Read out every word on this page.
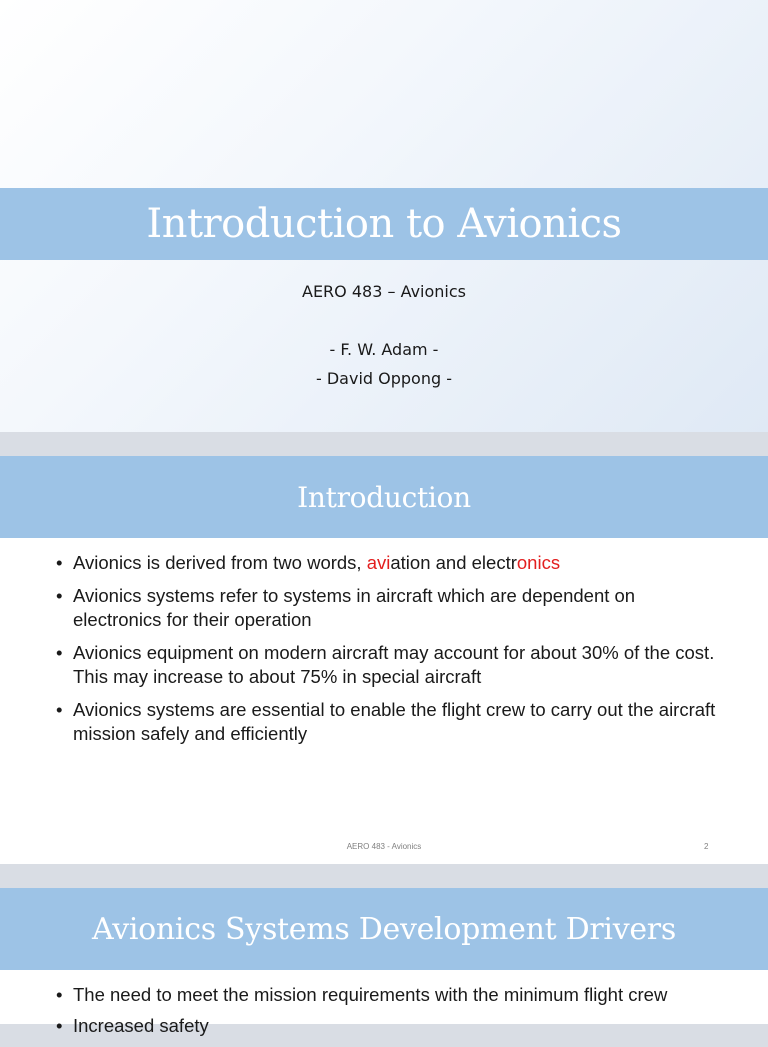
Introduction to Avionics
AERO 483 – Avionics
- F. W. Adam -
- David Oppong -
Introduction
• Avionics is derived from two words, aviation and electronics
• Avionics systems refer to systems in aircraft which are dependent on electronics for their operation
• Avionics equipment on modern aircraft may account for about 30% of the cost. This may increase to about 75% in special aircraft
• Avionics systems are essential to enable the flight crew to carry out the aircraft mission safely and efficiently
AERO 483 - Avionics	2
Avionics Systems Development Drivers
• The need to meet the mission requirements with the minimum flight crew
• Increased safety
